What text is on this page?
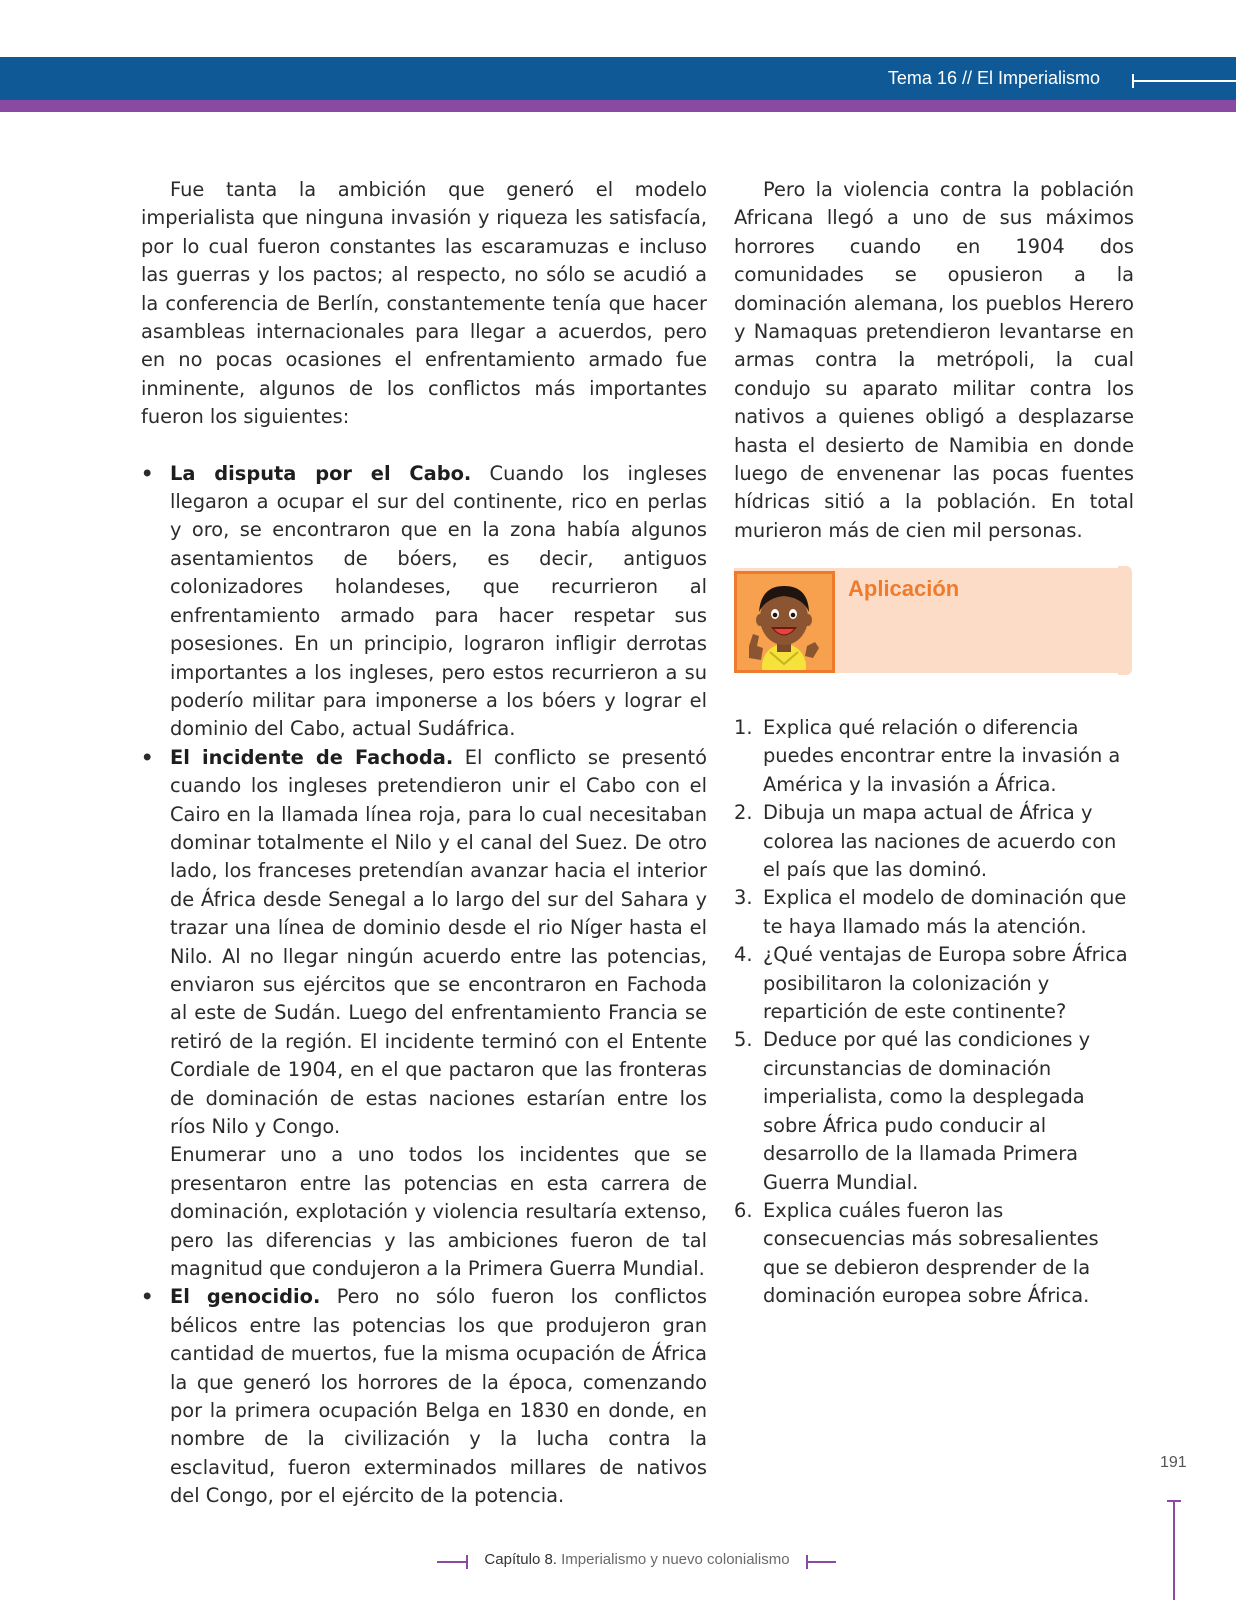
Tema 16 // El Imperialismo

Fue tanta la ambición que generó el modelo imperialista que ninguna invasión y riqueza les satisfacía, por lo cual fueron constantes las escaramuzas e incluso las guerras y los pactos; al respecto, no sólo se acudió a la conferencia de Berlín, constantemente tenía que hacer asambleas internacionales para llegar a acuerdos, pero en no pocas ocasiones el enfrentamiento armado fue inminente, algunos de los conflictos más importantes fueron los siguientes:

• La disputa por el Cabo. Cuando los ingleses llegaron a ocupar el sur del continente, rico en perlas y oro, se encontraron que en la zona había algunos asentamientos de bóers, es decir, antiguos colonizadores holandeses, que recurrieron al enfrentamiento armado para hacer respetar sus posesiones. En un principio, lograron infligir derrotas importantes a los ingleses, pero estos recurrieron a su poderío militar para imponerse a los bóers y lograr el dominio del Cabo, actual Sudáfrica.
• El incidente de Fachoda. El conflicto se presentó cuando los ingleses pretendieron unir el Cabo con el Cairo en la llamada línea roja, para lo cual necesitaban dominar totalmente el Nilo y el canal del Suez. De otro lado, los franceses pretendían avanzar hacia el interior de África desde Senegal a lo largo del sur del Sahara y trazar una línea de dominio desde el rio Níger hasta el Nilo. Al no llegar ningún acuerdo entre las potencias, enviaron sus ejércitos que se encontraron en Fachoda al este de Sudán. Luego del enfrentamiento Francia se retiró de la región. El incidente terminó con el Entente Cordiale de 1904, en el que pactaron que las fronteras de dominación de estas naciones estarían entre los ríos Nilo y Congo.
Enumerar uno a uno todos los incidentes que se presentaron entre las potencias en esta carrera de dominación, explotación y violencia resultaría extenso, pero las diferencias y las ambiciones fueron de tal magnitud que condujeron a la Primera Guerra Mundial.
• El genocidio. Pero no sólo fueron los conflictos bélicos entre las potencias los que produjeron gran cantidad de muertos, fue la misma ocupación de África la que generó los horrores de la época, comenzando por la primera ocupación Belga en 1830 en donde, en nombre de la civilización y la lucha contra la esclavitud, fueron exterminados millares de nativos del Congo, por el ejército de la potencia.

Pero la violencia contra la población Africana llegó a uno de sus máximos horrores cuando en 1904 dos comunidades se opusieron a la dominación alemana, los pueblos Herero y Namaquas pretendieron levantarse en armas contra la metrópoli, la cual condujo su aparato militar contra los nativos a quienes obligó a desplazarse hasta el desierto de Namibia en donde luego de envenenar las pocas fuentes hídricas sitió a la población. En total murieron más de cien mil personas.

Aplicación
1. Explica qué relación o diferencia puedes encontrar entre la invasión a América y la invasión a África.
2. Dibuja un mapa actual de África y colorea las naciones de acuerdo con el país que las dominó.
3. Explica el modelo de dominación que te haya llamado más la atención.
4. ¿Qué ventajas de Europa sobre África posibilitaron la colonización y repartición de este continente?
5. Deduce por qué las condiciones y circunstancias de dominación imperialista, como la desplegada sobre África pudo conducir al desarrollo de la llamada Primera Guerra Mundial.
6. Explica cuáles fueron las consecuencias más sobresalientes que se debieron desprender de la dominación europea sobre África.
191
Capítulo 8. Imperialismo y nuevo colonialismo
